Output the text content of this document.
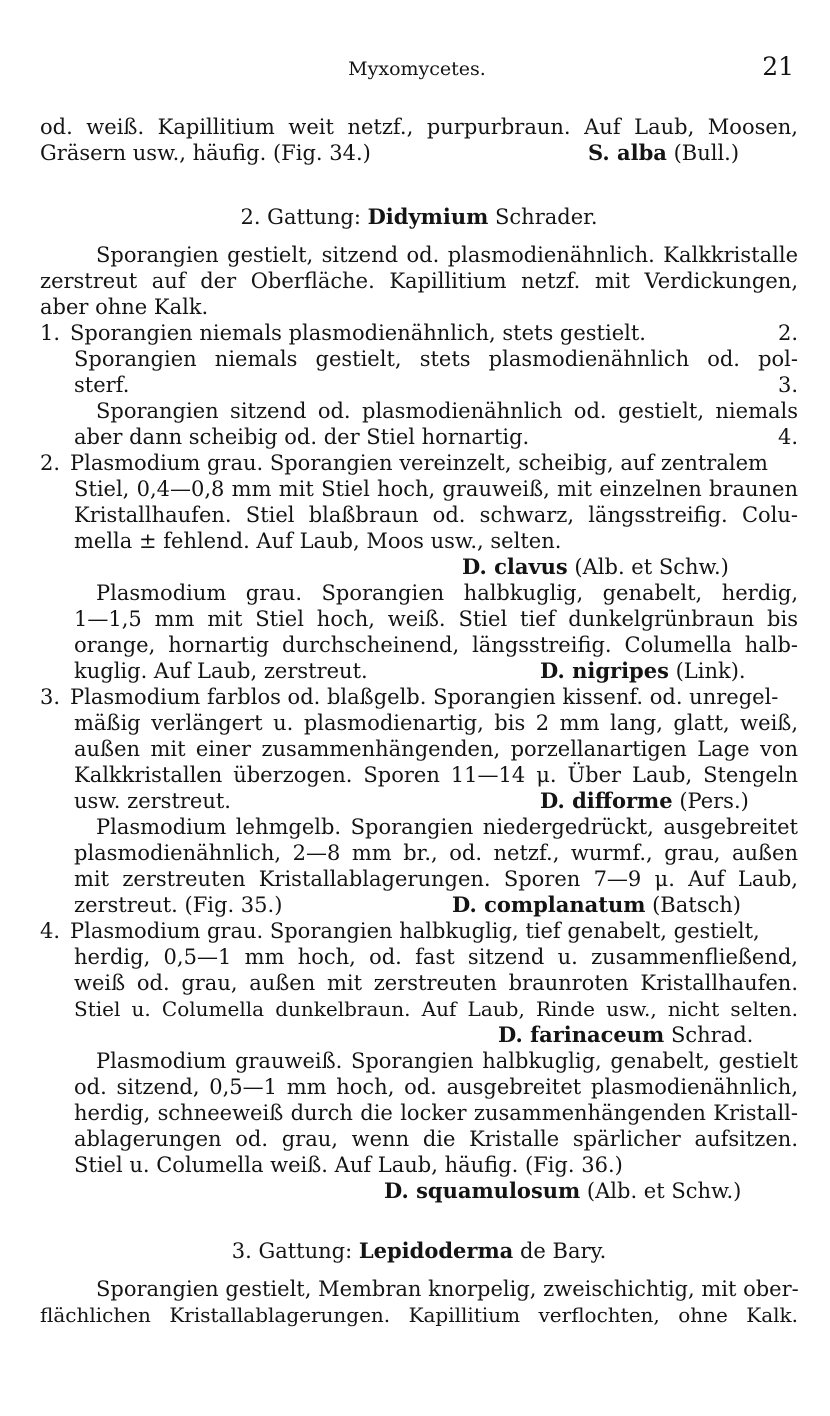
Myxomycetes.	21
od. weiß. Kapillitium weit netzf., purpurbraun. Auf Laub, Moosen,
Gräsern usw., häufig. (Fig. 34.)	S. alba (Bull.)
2. Gattung: Didymium Schrader.
Sporangien gestielt, sitzend od. plasmodienähnlich. Kalkkristalle
zerstreut auf der Oberfläche. Kapillitium netzf. mit Verdickungen,
aber ohne Kalk.
1. Sporangien niemals plasmodienähnlich, stets gestielt.	2.
Sporangien niemals gestielt, stets plasmodienähnlich od. pol-
sterf.	3.
Sporangien sitzend od. plasmodienähnlich od. gestielt, niemals
aber dann scheibig od. der Stiel hornartig.	4.
2. Plasmodium grau. Sporangien vereinzelt, scheibig, auf zentralem
Stiel, 0,4—0,8 mm mit Stiel hoch, grauweiß, mit einzelnen braunen
Kristallhaufen. Stiel blaßbraun od. schwarz, längsstreifig. Colu-
mella ± fehlend. Auf Laub, Moos usw., selten.
D. clavus (Alb. et Schw.)
Plasmodium grau. Sporangien halbkuglig, genabelt, herdig,
1—1,5 mm mit Stiel hoch, weiß. Stiel tief dunkelgrünbraun bis
orange, hornartig durchscheinend, längsstreifig. Columella halb-
kuglig. Auf Laub, zerstreut.	D. nigripes (Link).
3. Plasmodium farblos od. blaßgelb. Sporangien kissenf. od. unregel-
mäßig verlängert u. plasmodienartig, bis 2 mm lang, glatt, weiß,
außen mit einer zusammenhängenden, porzellanartigen Lage von
Kalkkristallen überzogen. Sporen 11—14 μ. Über Laub, Stengeln
usw. zerstreut.	D. difforme (Pers.)
Plasmodium lehmgelb. Sporangien niedergedrückt, ausgebreitet
plasmodienähnlich, 2—8 mm br., od. netzf., wurmf., grau, außen
mit zerstreuten Kristallablagerungen. Sporen 7—9 μ. Auf Laub,
zerstreut. (Fig. 35.)	D. complanatum (Batsch)
4. Plasmodium grau. Sporangien halbkuglig, tief genabelt, gestielt,
herdig, 0,5—1 mm hoch, od. fast sitzend u. zusammenfließend,
weiß od. grau, außen mit zerstreuten braunroten Kristallhaufen.
Stiel u. Columella dunkelbraun. Auf Laub, Rinde usw., nicht selten.
D. farinaceum Schrad.
Plasmodium grauweiß. Sporangien halbkuglig, genabelt, gestielt
od. sitzend, 0,5—1 mm hoch, od. ausgebreitet plasmodienähnlich,
herdig, schneeweiß durch die locker zusammenhängenden Kristall-
ablagerungen od. grau, wenn die Kristalle spärlicher aufsitzen.
Stiel u. Columella weiß. Auf Laub, häufig. (Fig. 36.)
D. squamulosum (Alb. et Schw.)
3. Gattung: Lepidoderma de Bary.
Sporangien gestielt, Membran knorpelig, zweischichtig, mit ober-
flächlichen Kristallablagerungen. Kapillitium verflochten, ohne Kalk.
